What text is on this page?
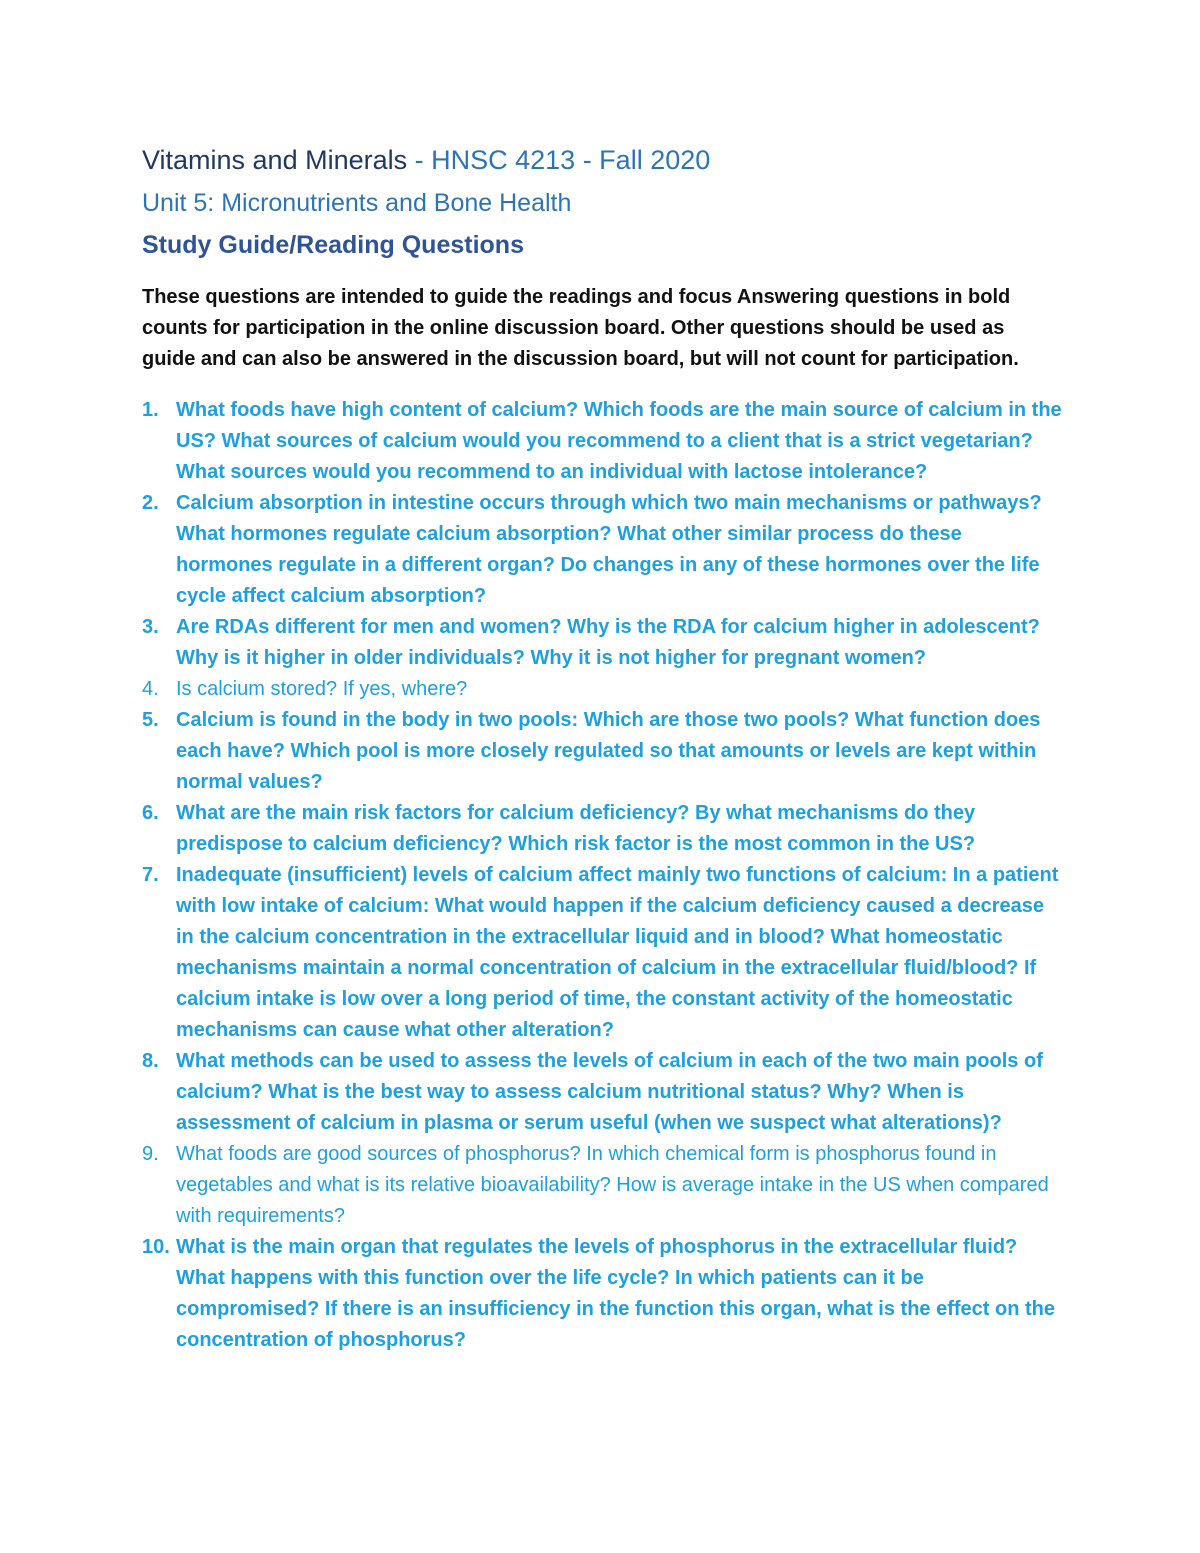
Vitamins and Minerals - HNSC 4213 - Fall 2020
Unit 5: Micronutrients and Bone Health
Study Guide/Reading Questions

These questions are intended to guide the readings and focus Answering questions in bold counts for participation in the online discussion board. Other questions should be used as guide and can also be answered in the discussion board, but will not count for participation.

1. What foods have high content of calcium? Which foods are the main source of calcium in the US? What sources of calcium would you recommend to a client that is a strict vegetarian? What sources would you recommend to an individual with lactose intolerance?
2. Calcium absorption in intestine occurs through which two main mechanisms or pathways? What hormones regulate calcium absorption? What other similar process do these hormones regulate in a different organ? Do changes in any of these hormones over the life cycle affect calcium absorption?
3. Are RDAs different for men and women? Why is the RDA for calcium higher in adolescent? Why is it higher in older individuals? Why it is not higher for pregnant women?
4. Is calcium stored? If yes, where?
5. Calcium is found in the body in two pools: Which are those two pools? What function does each have? Which pool is more closely regulated so that amounts or levels are kept within normal values?
6. What are the main risk factors for calcium deficiency? By what mechanisms do they predispose to calcium deficiency? Which risk factor is the most common in the US?
7. Inadequate (insufficient) levels of calcium affect mainly two functions of calcium: In a patient with low intake of calcium: What would happen if the calcium deficiency caused a decrease in the calcium concentration in the extracellular liquid and in blood? What homeostatic mechanisms maintain a normal concentration of calcium in the extracellular fluid/blood? If calcium intake is low over a long period of time, the constant activity of the homeostatic mechanisms can cause what other alteration?
8. What methods can be used to assess the levels of calcium in each of the two main pools of calcium? What is the best way to assess calcium nutritional status? Why? When is assessment of calcium in plasma or serum useful (when we suspect what alterations)?
9. What foods are good sources of phosphorus? In which chemical form is phosphorus found in vegetables and what is its relative bioavailability? How is average intake in the US when compared with requirements?
10. What is the main organ that regulates the levels of phosphorus in the extracellular fluid? What happens with this function over the life cycle? In which patients can it be compromised? If there is an insufficiency in the function this organ, what is the effect on the concentration of phosphorus?
